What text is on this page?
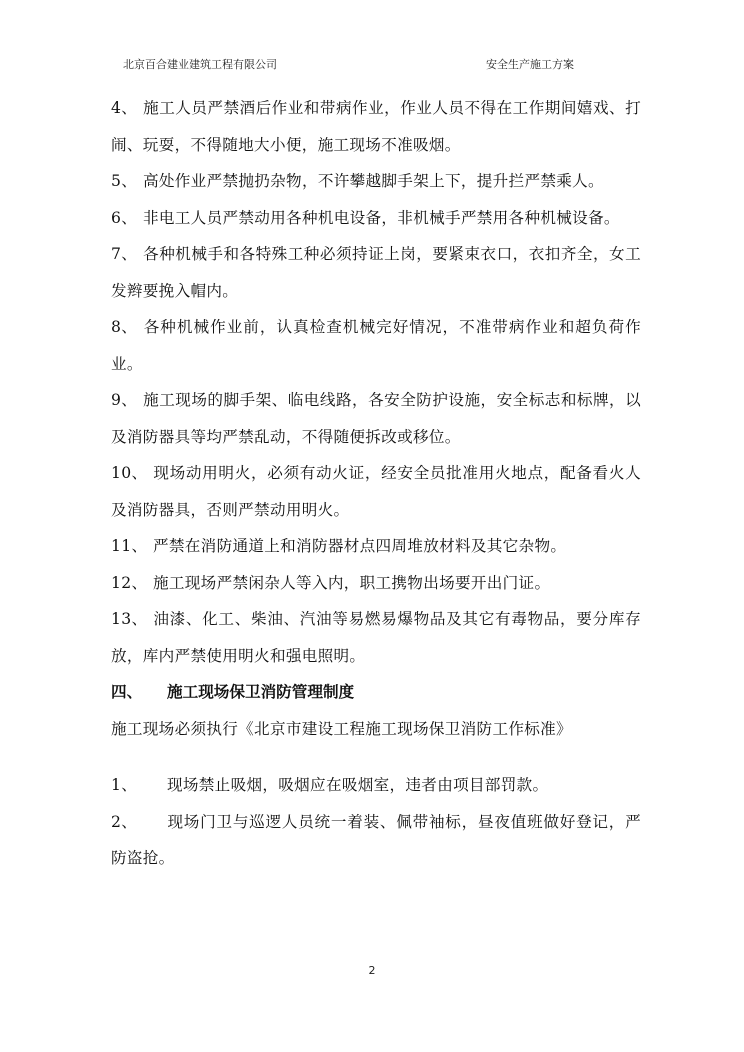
北京百合建业建筑工程有限公司	安全生产施工方案

4、 施工人员严禁酒后作业和带病作业，作业人员不得在工作期间嬉戏、打闹、玩耍，不得随地大小便，施工现场不准吸烟。

5、 高处作业严禁抛扔杂物，不许攀越脚手架上下，提升拦严禁乘人。

6、 非电工人员严禁动用各种机电设备，非机械手严禁用各种机械设备。

7、 各种机械手和各特殊工种必须持证上岗，要紧束衣口，衣扣齐全，女工发辫要挽入帽内。

8、 各种机械作业前，认真检查机械完好情况，不准带病作业和超负荷作业。

9、 施工现场的脚手架、临电线路，各安全防护设施，安全标志和标牌，以及消防器具等均严禁乱动，不得随便拆改或移位。

10、 现场动用明火，必须有动火证，经安全员批准用火地点，配备看火人及消防器具，否则严禁动用明火。

11、 严禁在消防通道上和消防器材点四周堆放材料及其它杂物。

12、 施工现场严禁闲杂人等入内，职工携物出场要开出门证。

13、 油漆、化工、柴油、汽油等易燃易爆物品及其它有毒物品，要分库存放，库内严禁使用明火和强电照明。

四、 施工现场保卫消防管理制度

施工现场必须执行《北京市建设工程施工现场保卫消防工作标准》

1、 现场禁止吸烟，吸烟应在吸烟室，违者由项目部罚款。

2、 现场门卫与巡逻人员统一着装、佩带袖标，昼夜值班做好登记，严防盗抢。

2
